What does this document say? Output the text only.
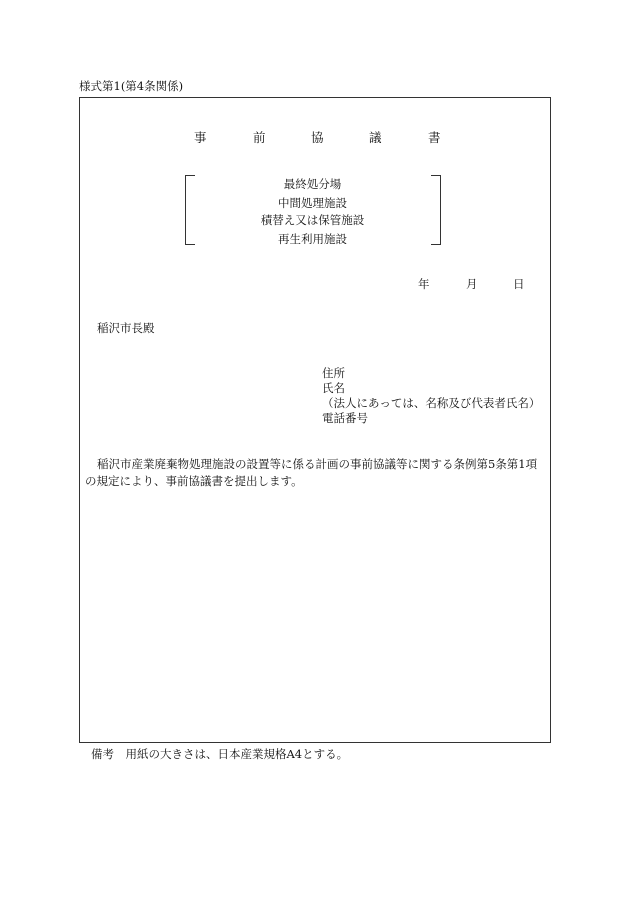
様式第1(第4条関係)
事	前	協	議	書
最終処分場
中間処理施設
積替え又は保管施設
再生利用施設
年	月	日
稲沢市長殿
住所
氏名
（法人にあっては、名称及び代表者氏名）
電話番号
稲沢市産業廃棄物処理施設の設置等に係る計画の事前協議等に関する条例第5条第1項の規定により、事前協議書を提出します。
備考　用紙の大きさは、日本産業規格A4とする。
